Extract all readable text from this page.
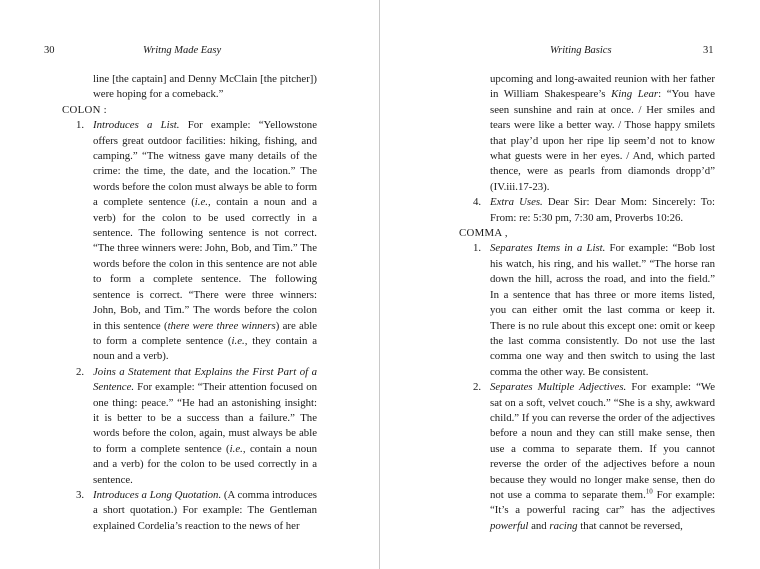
30	Writng Made Easy

line [the captain] and Denny McClain [the pitcher]) were hoping for a comeback.”

COLON :

1. Introduces a List. For example: “Yellowstone offers great outdoor facilities: hiking, fishing, and camping.” “The witness gave many details of the crime: the time, the date, and the location.” The words before the colon must always be able to form a complete sentence (i.e., contain a noun and a verb) for the colon to be used correctly in a sentence. The following sentence is not correct. “The three winners were: John, Bob, and Tim.” The words before the colon in this sentence are not able to form a complete sentence. The following sentence is correct. “There were three winners: John, Bob, and Tim.” The words before the colon in this sentence (there were three winners) are able to form a complete sentence (i.e., they contain a noun and a verb).

2. Joins a Statement that Explains the First Part of a Sentence. For example: “Their attention focused on one thing: peace.” “He had an astonishing insight: it is better to be a success than a failure.” The words before the colon, again, must always be able to form a complete sentence (i.e., contain a noun and a verb) for the colon to be used correctly in a sentence.

3. Introduces a Long Quotation. (A comma introduces a short quotation.) For example: The Gentleman explained Cordelia’s reaction to the news of her

Writing Basics	31

upcoming and long-awaited reunion with her father in William Shakespeare’s King Lear: “You have seen sunshine and rain at once. / Her smiles and tears were like a better way. / Those happy smilets that play’d upon her ripe lip seem’d not to know what guests were in her eyes. / And, which parted thence, were as pearls from diamonds dropp’d” (IV.iii.17-23).

4. Extra Uses. Dear Sir: Dear Mom: Sincerely: To: From: re: 5:30 pm, 7:30 am, Proverbs 10:26.

COMMA ,

1. Separates Items in a List. For example: “Bob lost his watch, his ring, and his wallet.” “The horse ran down the hill, across the road, and into the field.” In a sentence that has three or more items listed, you can either omit the last comma or keep it. There is no rule about this except one: omit or keep the last comma consistently. Do not use the last comma one way and then switch to using the last comma the other way. Be consistent.

2. Separates Multiple Adjectives. For example: “We sat on a soft, velvet couch.” “She is a shy, awkward child.” If you can reverse the order of the adjectives before a noun and they can still make sense, then use a comma to separate them. If you cannot reverse the order of the adjectives before a noun because they would no longer make sense, then do not use a comma to separate them.$^{10}$ For example: “It’s a powerful racing car” has the adjectives powerful and racing that cannot be reversed,
